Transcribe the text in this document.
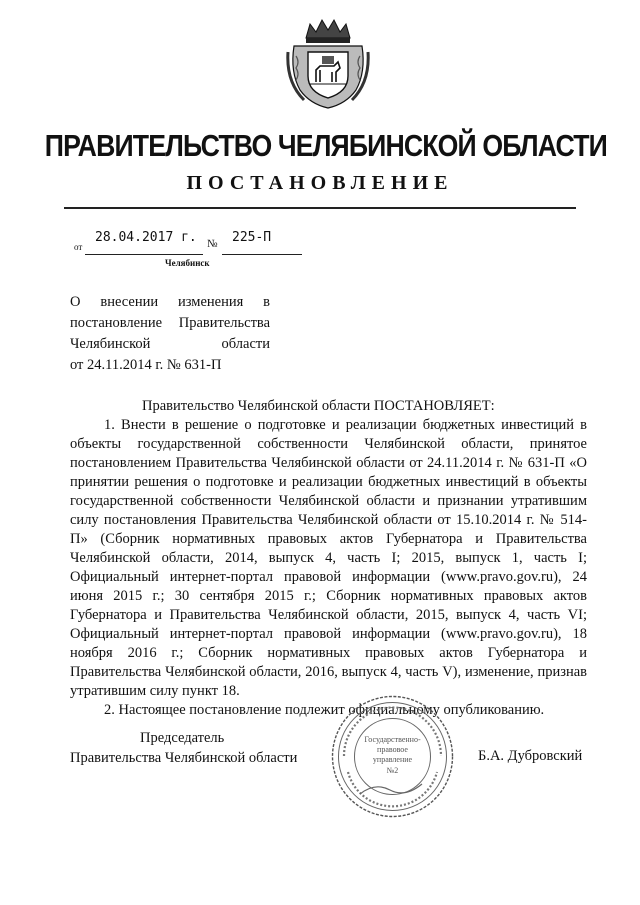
ПРАВИТЕЛЬСТВО ЧЕЛЯБИНСКОЙ ОБЛАСТИ
ПОСТАНОВЛЕНИЕ
от
28.04.2017 г. № 225-П
Челябинск
О внесении изменения в
постановление Правительства
Челябинской области
от 24.11.2014 г. № 631-П
Правительство Челябинской области ПОСТАНОВЛЯЕТ:
1. Внести в решение о подготовке и реализации бюджетных инвестиций в объекты государственной собственности Челябинской области, принятое постановлением Правительства Челябинской области от 24.11.2014 г. № 631-П «О принятии решения о подготовке и реализации бюджетных инвестиций в объекты государственной собственности Челябинской области и признании утратившим силу постановления Правительства Челябинской области от 15.10.2014 г. № 514-П» (Сборник нормативных правовых актов Губернатора и Правительства Челябинской области, 2014, выпуск 4, часть I; 2015, выпуск 1, часть I; Официальный интернет-портал правовой информации (www.pravo.gov.ru), 24 июня 2015 г.; 30 сентября 2015 г.; Сборник нормативных правовых актов Губернатора и Правительства Челябинской области, 2015, выпуск 4, часть VI; Официальный интернет-портал правовой информации (www.pravo.gov.ru), 18 ноября 2016 г.; Сборник нормативных правовых актов Губернатора и Правительства Челябинской области, 2016, выпуск 4, часть V), изменение, признав утратившим силу пункт 18.
2. Настоящее постановление подлежит официальному опубликованию.
Председатель
Правительства Челябинской области	Б.А. Дубровский
Государственно-
правовое
управление
№2
